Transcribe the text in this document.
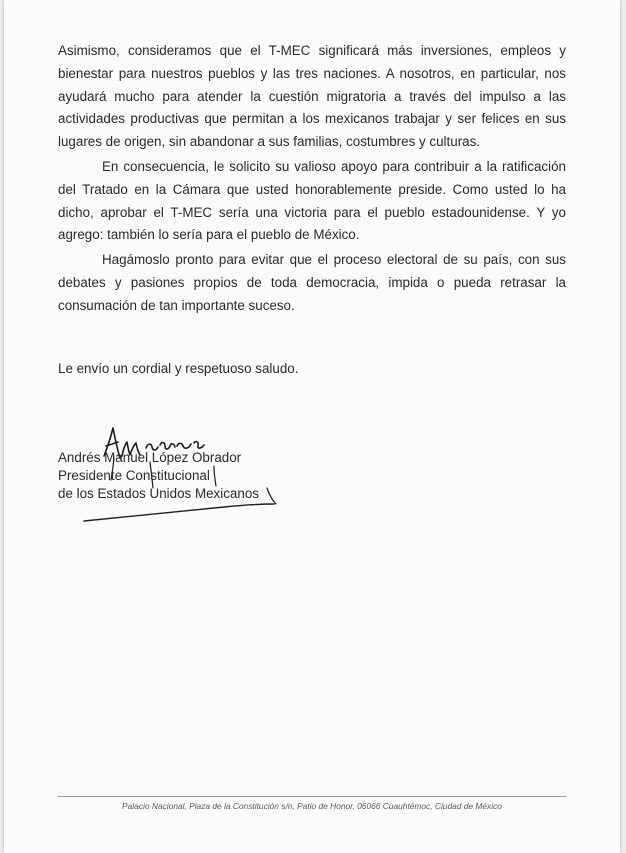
Asimismo, consideramos que el T-MEC significará más inversiones, empleos y bienestar para nuestros pueblos y las tres naciones. A nosotros, en particular, nos ayudará mucho para atender la cuestión migratoria a través del impulso a las actividades productivas que permitan a los mexicanos trabajar y ser felices en sus lugares de origen, sin abandonar a sus familias, costumbres y culturas.

En consecuencia, le solicito su valioso apoyo para contribuir a la ratificación del Tratado en la Cámara que usted honorablemente preside. Como usted lo ha dicho, aprobar el T-MEC sería una victoria para el pueblo estadounidense. Y yo agrego: también lo sería para el pueblo de México.

Hagámoslo pronto para evitar que el proceso electoral de su país, con sus debates y pasiones propios de toda democracia, impida o pueda retrasar la consumación de tan importante suceso.

Le envío un cordial y respetuoso saludo.
Andrés Manuel López Obrador
Presidente Constitucional
de los Estados Unidos Mexicanos
Palacio Nacional, Plaza de la Constitución s/n, Patio de Honor, 06066 Cuauhtémoc, Ciudad de México
